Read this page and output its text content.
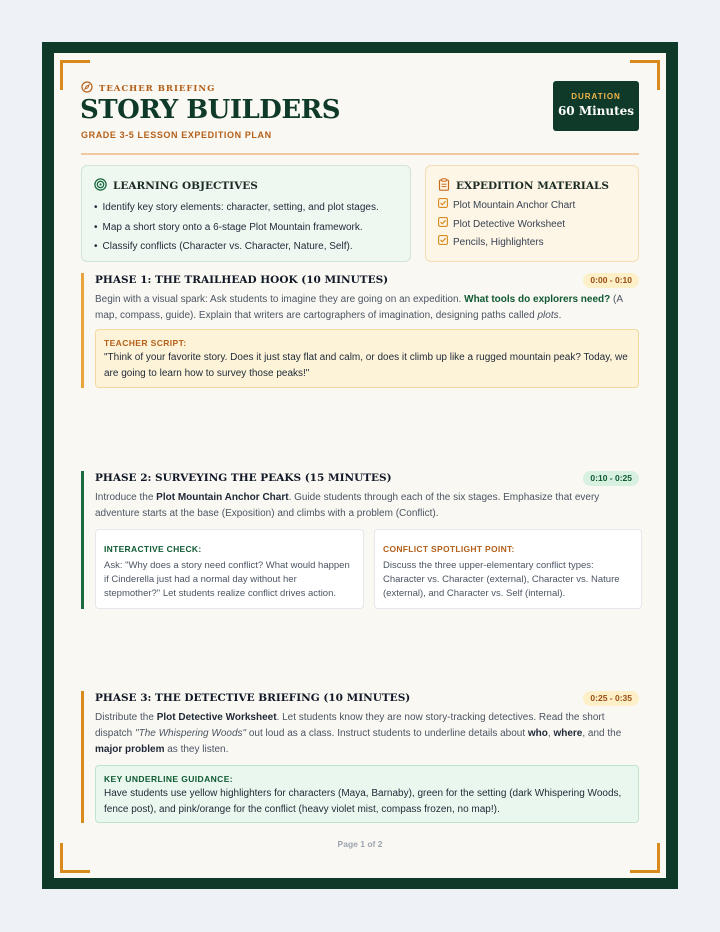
TEACHER BRIEFING
STORY BUILDERS
GRADE 3-5 LESSON EXPEDITION PLAN
DURATION
60 Minutes
LEARNING OBJECTIVES
• Identify key story elements: character, setting, and plot stages.
• Map a short story onto a 6-stage Plot Mountain framework.
• Classify conflicts (Character vs. Character, Nature, Self).
EXPEDITION MATERIALS
Plot Mountain Anchor Chart
Plot Detective Worksheet
Pencils, Highlighters
PHASE 1: THE TRAILHEAD HOOK (10 MINUTES)	0:00 - 0:10
Begin with a visual spark: Ask students to imagine they are going on an expedition. What tools do explorers need? (A map, compass, guide). Explain that writers are cartographers of imagination, designing paths called plots.
TEACHER SCRIPT:
"Think of your favorite story. Does it just stay flat and calm, or does it climb up like a rugged mountain peak? Today, we are going to learn how to survey those peaks!"
PHASE 2: SURVEYING THE PEAKS (15 MINUTES)	0:10 - 0:25
Introduce the Plot Mountain Anchor Chart. Guide students through each of the six stages. Emphasize that every adventure starts at the base (Exposition) and climbs with a problem (Conflict).
INTERACTIVE CHECK:
Ask: "Why does a story need conflict? What would happen if Cinderella just had a normal day without her stepmother?" Let students realize conflict drives action.
CONFLICT SPOTLIGHT POINT:
Discuss the three upper-elementary conflict types: Character vs. Character (external), Character vs. Nature (external), and Character vs. Self (internal).
PHASE 3: THE DETECTIVE BRIEFING (10 MINUTES)	0:25 - 0:35
Distribute the Plot Detective Worksheet. Let students know they are now story-tracking detectives. Read the short dispatch "The Whispering Woods" out loud as a class. Instruct students to underline details about who, where, and the major problem as they listen.
KEY UNDERLINE GUIDANCE:
Have students use yellow highlighters for characters (Maya, Barnaby), green for the setting (dark Whispering Woods, fence post), and pink/orange for the conflict (heavy violet mist, compass frozen, no map!).
Page 1 of 2
